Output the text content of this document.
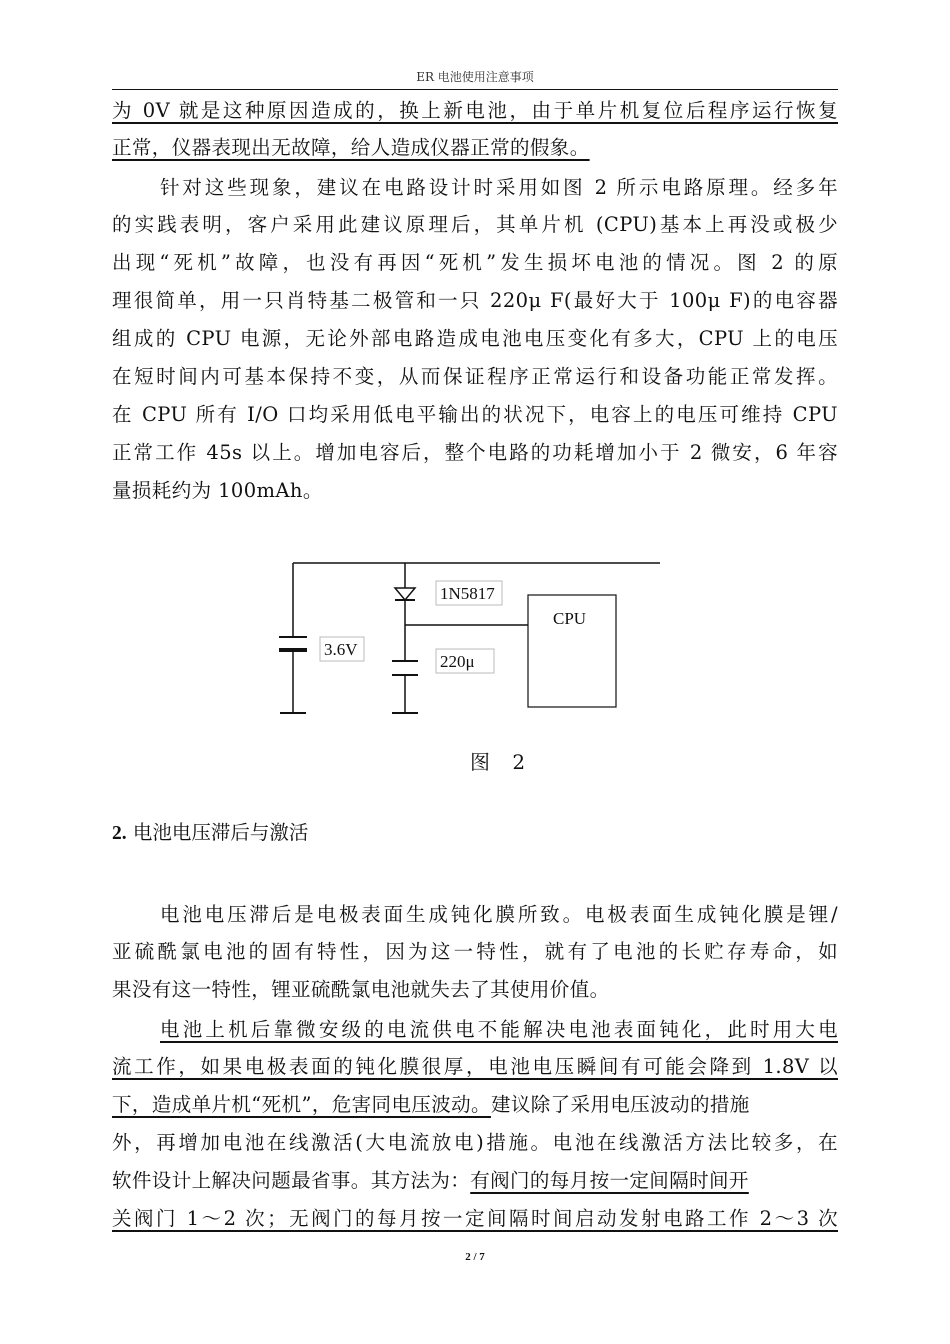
ER 电池使用注意事项
为 0V 就是这种原因造成的，换上新电池，由于单片机复位后程序运行恢复
正常，仪器表现出无故障，给人造成仪器正常的假象。
针对这些现象，建议在电路设计时采用如图 2 所示电路原理。经多年
的实践表明，客户采用此建议原理后，其单片机 (CPU)基本上再没或极少
出现“死机”故障，也没有再因“死机”发生损坏电池的情况。图 2 的原
理很简单，用一只肖特基二极管和一只 220μ F(最好大于 100μ F)的电容器
组成的 CPU 电源，无论外部电路造成电池电压变化有多大，CPU 上的电压
在短时间内可基本保持不变，从而保证程序正常运行和设备功能正常发挥。
在 CPU 所有 I/O 口均采用低电平输出的状况下，电容上的电压可维持 CPU
正常工作 45s 以上。增加电容后，整个电路的功耗增加小于 2 微安，6 年容
量损耗约为 100mAh。
3.6V
1N5817
220μ
CPU
图 2
2. 电池电压滞后与激活
电池电压滞后是电极表面生成钝化膜所致。电极表面生成钝化膜是锂/
亚硫酰氯电池的固有特性，因为这一特性，就有了电池的长贮存寿命，如
果没有这一特性，锂亚硫酰氯电池就失去了其使用价值。
电池上机后靠微安级的电流供电不能解决电池表面钝化，此时用大电
流工作，如果电极表面的钝化膜很厚，电池电压瞬间有可能会降到 1.8V 以
下，造成单片机“死机”，危害同电压波动。建议除了采用电压波动的措施
外，再增加电池在线激活(大电流放电)措施。电池在线激活方法比较多，在
软件设计上解决问题最省事。其方法为：有阀门的每月按一定间隔时间开
关阀门 1～2 次；无阀门的每月按一定间隔时间启动发射电路工作 2～3 次
2 / 7
